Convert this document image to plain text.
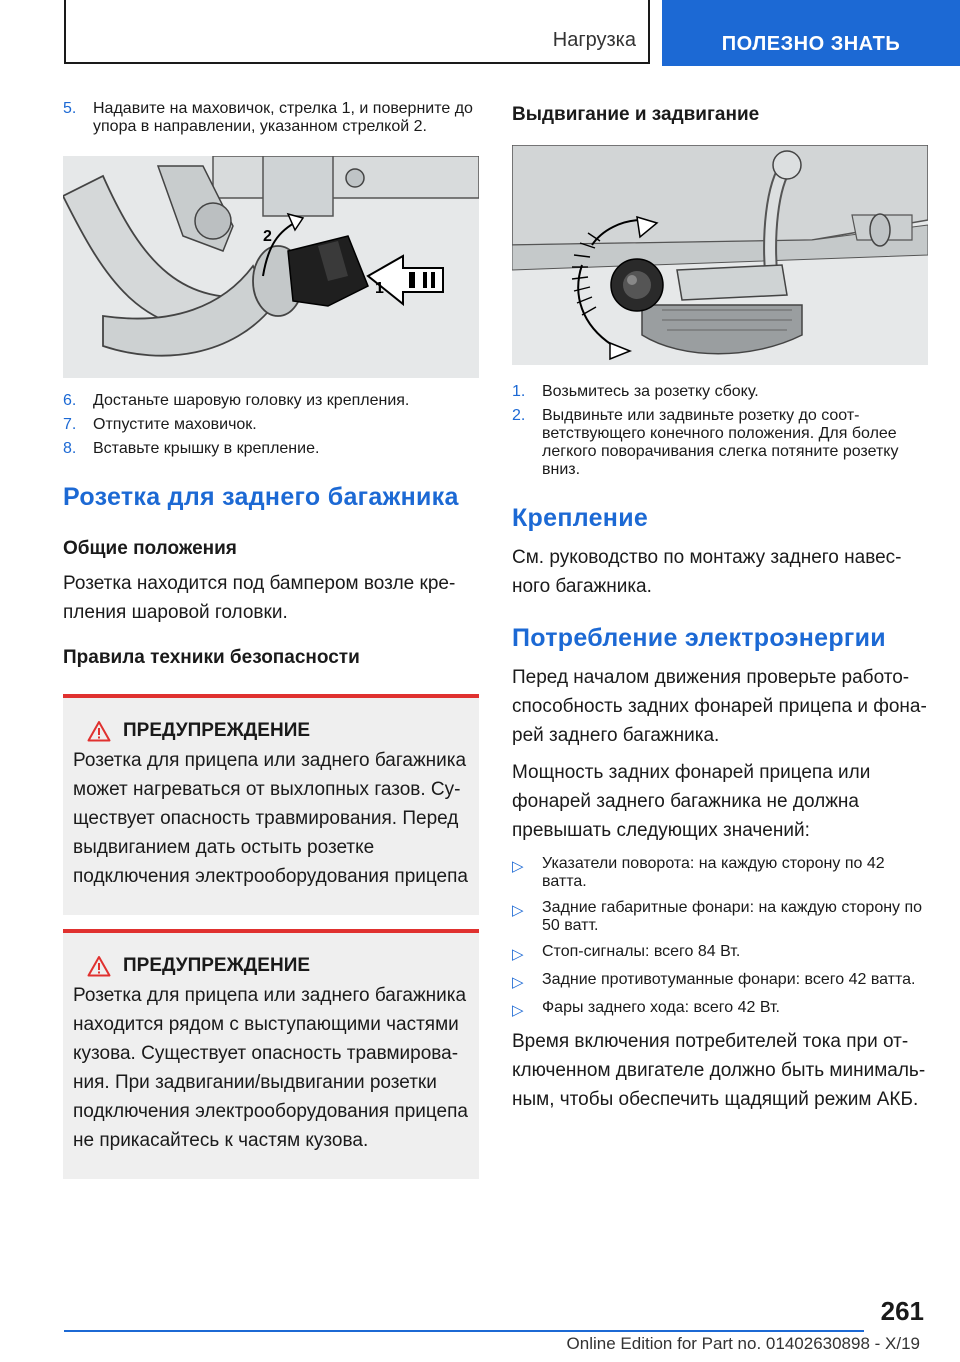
Нагрузка	ПОЛЕЗНО ЗНАТЬ
5.	Надавите на маховичок, стрелка 1, и поверните до упора в направлении, указанном стрелкой 2.
2
1
6.	Достаньте шаровую головку из крепления.
7.	Отпустите маховичок.
8.	Вставьте крышку в крепление.
Розетка для заднего багажника
Общие положения

Розетка находится под бампером возле крепления шаровой головки.

Правила техники безопасности
ПРЕДУПРЕЖДЕНИЕ

Розетка для прицепа или заднего багажника может нагреваться от выхлопных газов. Существует опасность травмирования. Перед выдвиганием дать остыть розетке подключения электрооборудования прицепа

ПРЕДУПРЕЖДЕНИЕ

Розетка для прицепа или заднего багажника находится рядом с выступающими частями кузова. Существует опасность травмирования. При задвигании/выдвигании розетки подключения электрооборудования прицепа не прикасайтесь к частям кузова.

Выдвигание и задвигание
1.	Возьмитесь за розетку сбоку.
2.	Выдвиньте или задвиньте розетку до соответствующего конечного положения. Для более легкого поворачивания слегка потяните розетку вниз.
Крепление

См. руководство по монтажу заднего навесного багажника.

Потребление электроэнергии

Перед началом движения проверьте работоспособность задних фонарей прицепа и фонарей заднего багажника.

Мощность задних фонарей прицепа или фонарей заднего багажника не должна превышать следующих значений:

▷	Указатели поворота: на каждую сторону по 42 ватта.
▷	Задние габаритные фонари: на каждую сторону по 50 ватт.
▷	Стоп-сигналы: всего 84 Вт.
▷	Задние противотуманные фонари: всего 42 ватта.
▷	Фары заднего хода: всего 42 Вт.

Время включения потребителей тока при отключенном двигателе должно быть минимальным, чтобы обеспечить щадящий режим АКБ.

261
Online Edition for Part no. 01402630898 - X/19
